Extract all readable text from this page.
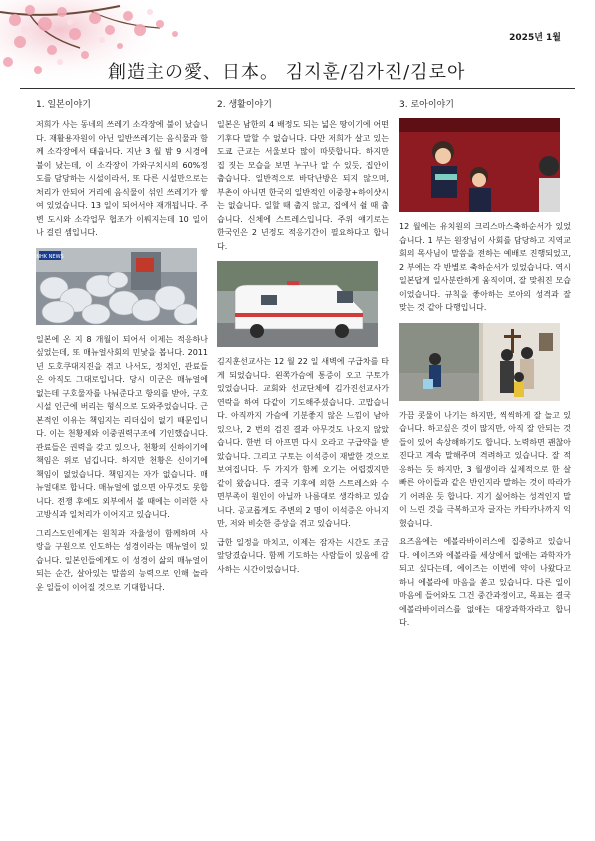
2025년 1월
創造主の愛、日本。 김지훈/김가진/김로아
1. 일본이야기

저희가 사는 동네의 쓰레기 소각장에 불이 났습니다. 재활용자원이 아닌 일반쓰레기는 음식물과 함께 소각장에서 태웁니다. 지난 3 월 밤 9 시경에 불이 났는데, 이 소각장이 가와구치시의 60%정도를 담당하는 시설이라서, 또 다른 시설만으로는 처리가 안되어 거리에 음식물이 섞인 쓰레기가 쌓여 있었습니다. 13 일이 되어서야 재개됩니다. 주변 도시와 소각업무 협조가 이뤄지는데 10 일이나 걸린 셈입니다.

NHK NEWS

일본에 온 지 8 개월이 되어서 이제는 적응하나 싶었는데, 또 매뉴얼사회의 민낯을 봅니다. 2011 년 도호쿠대지진을 겪고 나서도, 정치인, 관료들은 아직도 그대로입니다. 당시 미군은 매뉴얼에 없는데 구호물자를 나눠준다고 항의를 받아, 구호시설 인근에 버리는 형식으로 도와주었습니다. 근본적인 이유는 책임지는 리더십이 없기 때문입니다. 이는 천황제와 이중권력구조에 기인했습니다. 관료들은 권력을 갖고 있으나, 천황의 신하이기에 책임은 위로 넘깁니다. 하지만 천황은 신이기에 책임이 없었습니다. 책임지는 자가 없습니다. 매뉴얼대로 합니다. 매뉴얼에 없으면 아무것도 못합니다. 전쟁 후에도 외부에서 볼 때에는 이러한 사고방식과 일처리가 이어지고 있습니다.

그리스도인에게는 원칙과 자율성이 함께하며 사랑을 구원으로 인도하는 성경이라는 매뉴얼이 있습니다. 일본인들에게도 이 성경이 삶의 매뉴얼이 되는 순간, 살아있는 말씀의 능력으로 인해 놀라운 일들이 이어질 것으로 기대합니다.

2. 생활이야기

일본은 남한의 4 배정도 되는 넓은 땅이기에 어떤 기후다 말할 수 없습니다. 다만 저희가 살고 있는 도쿄 근교는 서울보다 많이 따뜻합니다. 하지만 집 짓는 모습을 보면 누구나 알 수 있듯, 집안이 춥습니다. 일반적으로 바닥난방은 되지 않으며, 부촌이 아니면 한국의 일반적인 이중창+하이샷시는 없습니다. 일할 때 춥지 않고, 집에서 쉴 때 춥습니다. 신체에 스트레스입니다. 주위 얘기로는 한국인은 2 년정도 적응기간이 필요하다고 합니다.

김지훈선교사는 12 월 22 일 새벽에 구급차를 타게 되었습니다. 왼쪽가슴에 통증이 오고 구토가 있었습니다. 교회와 선교단체에 김가진선교사가 연락을 하여 다같이 기도해주셨습니다. 고맙습니다. 아직까지 가슴에 기분좋지 않은 느낌이 남아 있으나, 2 번의 검진 결과 아무것도 나오지 않았습니다. 한번 더 아프면 다시 오라고 구급약을 받았습니다. 그리고 구토는 이석증이 재발한 것으로 보여집니다. 두 가지가 함께 오기는 어렵겠지만 같이 왔습니다. 결국 기후에 의한 스트레스와 수면부족이 원인이 아닐까 나름대로 생각하고 있습니다. 공교롭게도 주변의 2 명이 이석증은 아니지만, 저와 비슷한 증상을 겪고 있습니다.

급한 일정을 마치고, 이제는 잠자는 시간도 조금 앞당겼습니다. 함께 기도하는 사람들이 있음에 감사하는 시간이었습니다.

3. 로아이야기

12 월에는 유치원의 크리스마스축하순서가 있었습니다. 1 부는 원장님이 사회를 담당하고 지역교회의 목사님이 말씀을 전하는 예배로 진행되었고, 2 부에는 각 반별로 축하순서가 있었습니다. 역시 일본답게 일사분란하게 움직이며, 잘 맞춰진 모습이었습니다. 규칙을 좋아하는 로아의 성격과 잘 맞는 것 같아 다행입니다.

가끔 콧물이 나기는 하지만, 씩씩하게 잘 놀고 있습니다. 하고싶은 것이 많지만, 아직 잘 안되는 것들이 있어 속상해하기도 합니다. 노력하면 괜찮아진다고 계속 말해주며 격려하고 있습니다. 잘 적응하는 듯 하지만, 3 월생이라 실제적으로 한 살 빠른 아이들과 같은 반인지라 말하는 것이 따라가기 어려운 듯 합니다. 지기 싫어하는 성격인지 말이 느린 것을 극복하고자 글자는 카타카나까지 익혔습니다.

요즈음에는 에볼라바이러스에 집중하고 있습니다. 에이즈와 에볼라를 세상에서 없애는 과학자가 되고 싶다는데, 에이즈는 이번에 약이 나왔다고 하니 에볼라에 마음을 쏟고 있습니다. 다른 일이 마음에 들어와도 그건 중간과정이고, 목표는 결국 에볼라바이러스를 없애는 대장과학자라고 합니다.
